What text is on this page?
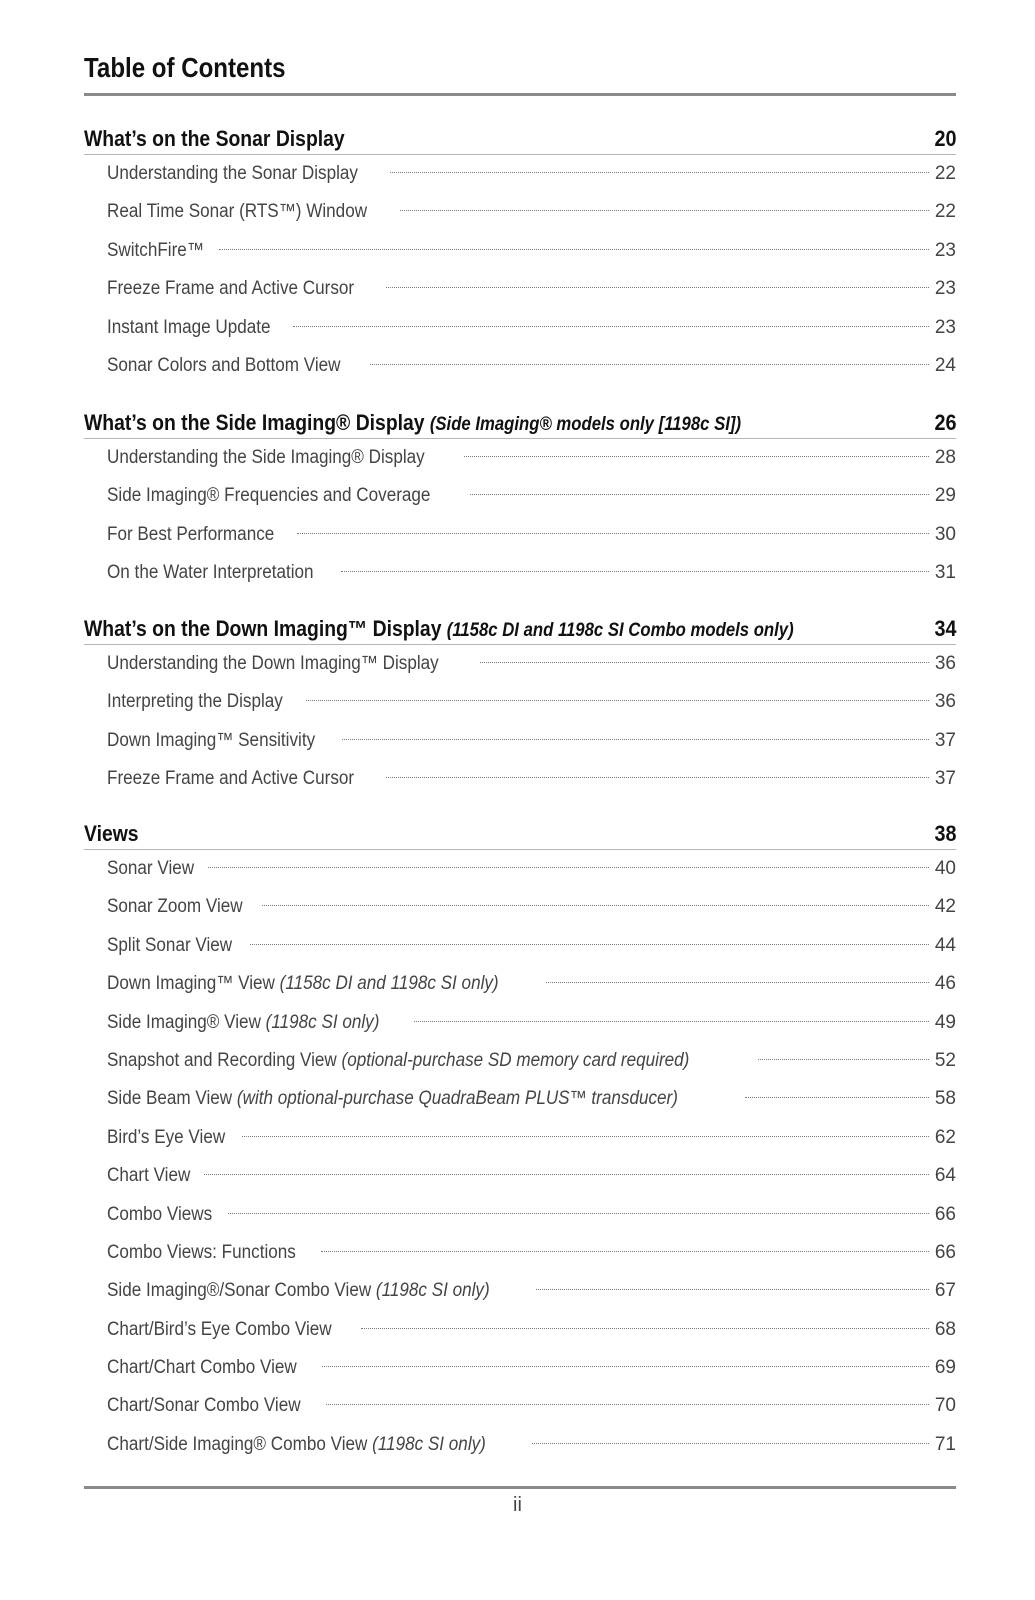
Table of Contents
What’s on the Sonar Display	20
Understanding the Sonar Display	22
Real Time Sonar (RTS™) Window	22
SwitchFire™	23
Freeze Frame and Active Cursor	23
Instant Image Update	23
Sonar Colors and Bottom View	24
What’s on the Side Imaging® Display (Side Imaging® models only [1198c SI])	26
Understanding the Side Imaging® Display	28
Side Imaging® Frequencies and Coverage	29
For Best Performance	30
On the Water Interpretation	31
What’s on the Down Imaging™ Display (1158c DI and 1198c SI Combo models only)	34
Understanding the Down Imaging™ Display	36
Interpreting the Display	36
Down Imaging™ Sensitivity	37
Freeze Frame and Active Cursor	37
Views	38
Sonar View	40
Sonar Zoom View	42
Split Sonar View	44
Down Imaging™ View (1158c DI and 1198c SI only)	46
Side Imaging® View (1198c SI only)	49
Snapshot and Recording View (optional-purchase SD memory card required)	52
Side Beam View (with optional-purchase QuadraBeam PLUS™ transducer)	58
Bird’s Eye View	62
Chart View	64
Combo Views	66
Combo Views: Functions	66
Side Imaging®/Sonar Combo View (1198c SI only)	67
Chart/Bird’s Eye Combo View	68
Chart/Chart Combo View	69
Chart/Sonar Combo View	70
Chart/Side Imaging® Combo View (1198c SI only)	71
ii
